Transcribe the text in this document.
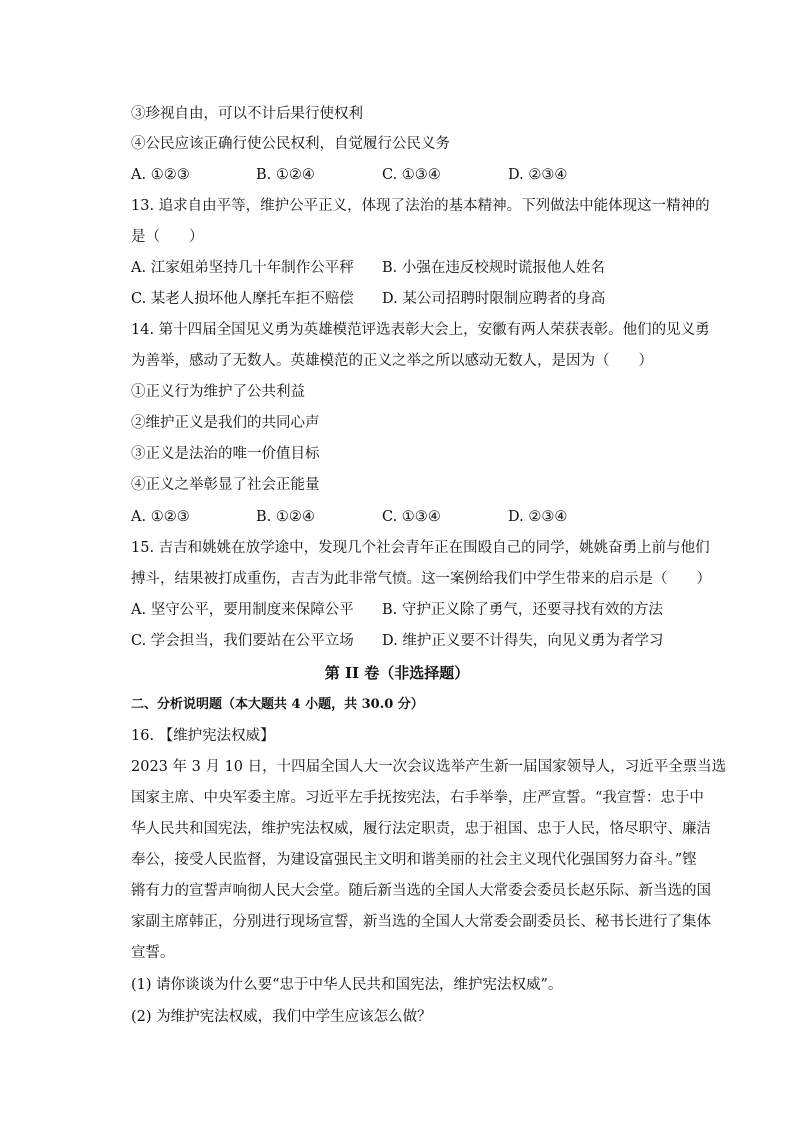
③珍视自由，可以不计后果行使权利
④公民应该正确行使公民权利，自觉履行公民义务
A. ①②③	B. ①②④	C. ①③④	D. ②③④
13. 追求自由平等，维护公平正义，体现了法治的基本精神。下列做法中能体现这一精神的
是（　　）
A. 江家姐弟坚持几十年制作公平秤 B. 小强在违反校规时谎报他人姓名
C. 某老人损坏他人摩托车拒不赔偿 D. 某公司招聘时限制应聘者的身高
14. 第十四届全国见义勇为英雄模范评选表彰大会上，安徽有两人荣获表彰。他们的见义勇
为善举，感动了无数人。英雄模范的正义之举之所以感动无数人，是因为（　　）
①正义行为维护了公共利益
②维护正义是我们的共同心声
③正义是法治的唯一价值目标
④正义之举彰显了社会正能量
A. ①②③	B. ①②④	C. ①③④	D. ②③④
15. 吉吉和姚姚在放学途中，发现几个社会青年正在围殴自己的同学，姚姚奋勇上前与他们
搏斗，结果被打成重伤，吉吉为此非常气愤。这一案例给我们中学生带来的启示是（　　）
A. 坚守公平，要用制度来保障公平 B. 守护正义除了勇气，还要寻找有效的方法
C. 学会担当，我们要站在公平立场 D. 维护正义要不计得失，向见义勇为者学习
第 II 卷（非选择题）
二、分析说明题（本大题共 4 小题，共 30.0 分）
16. 【维护宪法权威】
2023 年 3 月 10 日，十四届全国人大一次会议选举产生新一届国家领导人，习近平全票当选
国家主席、中央军委主席。习近平左手抚按宪法，右手举拳，庄严宣誓。“我宣誓：忠于中
华人民共和国宪法，维护宪法权威，履行法定职责，忠于祖国、忠于人民，恪尽职守、廉洁
奉公，接受人民监督，为建设富强民主文明和谐美丽的社会主义现代化强国努力奋斗。”铿
锵有力的宣誓声响彻人民大会堂。随后新当选的全国人大常委会委员长赵乐际、新当选的国
家副主席韩正，分别进行现场宣誓，新当选的全国人大常委会副委员长、秘书长进行了集体
宣誓。
(1) 请你谈谈为什么要“忠于中华人民共和国宪法，维护宪法权威”。
(2) 为维护宪法权威，我们中学生应该怎么做？
